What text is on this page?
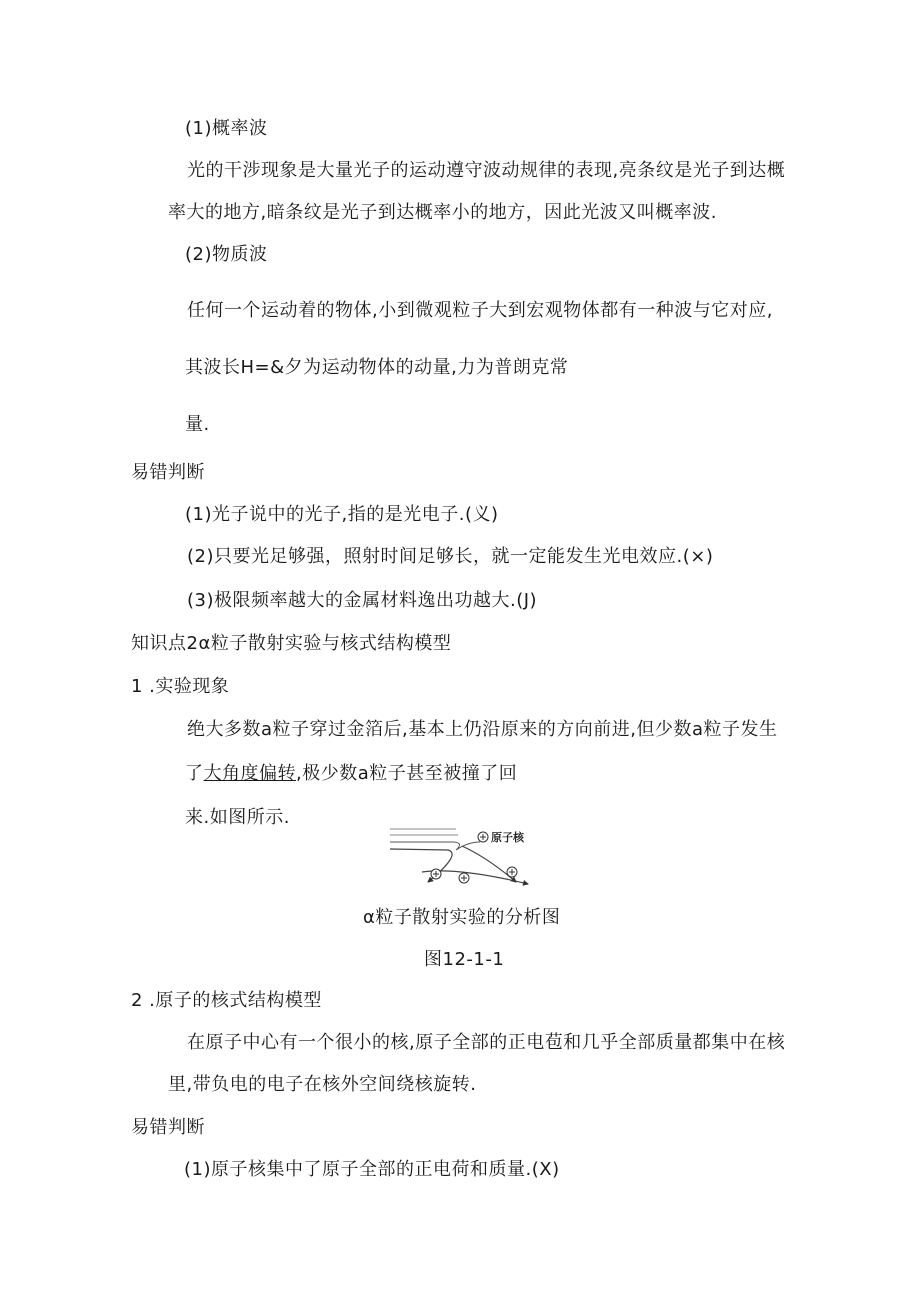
(1)概率波
光的干涉现象是大量光子的运动遵守波动规律的表现,亮条纹是光子到达概
率大的地方,暗条纹是光子到达概率小的地方，因此光波又叫概率波.
(2)物质波
任何一个运动着的物体,小到微观粒子大到宏观物体都有一种波与它对应,
其波长H=&夕为运动物体的动量,力为普朗克常
量.
易错判断
(1)光子说中的光子,指的是光电子.(义)
(2)只要光足够强，照射时间足够长，就一定能发生光电效应.(×)
(3)极限频率越大的金属材料逸出功越大.(J)
知识点2α粒子散射实验与核式结构模型
1 .实验现象
绝大多数a粒子穿过金箔后,基本上仍沿原来的方向前进,但少数a粒子发生
了大角度偏转,极少数a粒子甚至被撞了回
来.如图所示.
原子核
α粒子散射实验的分析图
图12-1-1
2 .原子的核式结构模型
在原子中心有一个很小的核,原子全部的正电苞和几乎全部质量都集中在核
里,带负电的电子在核外空间绕核旋转.
易错判断
(1)原子核集中了原子全部的正电荷和质量.(X)
